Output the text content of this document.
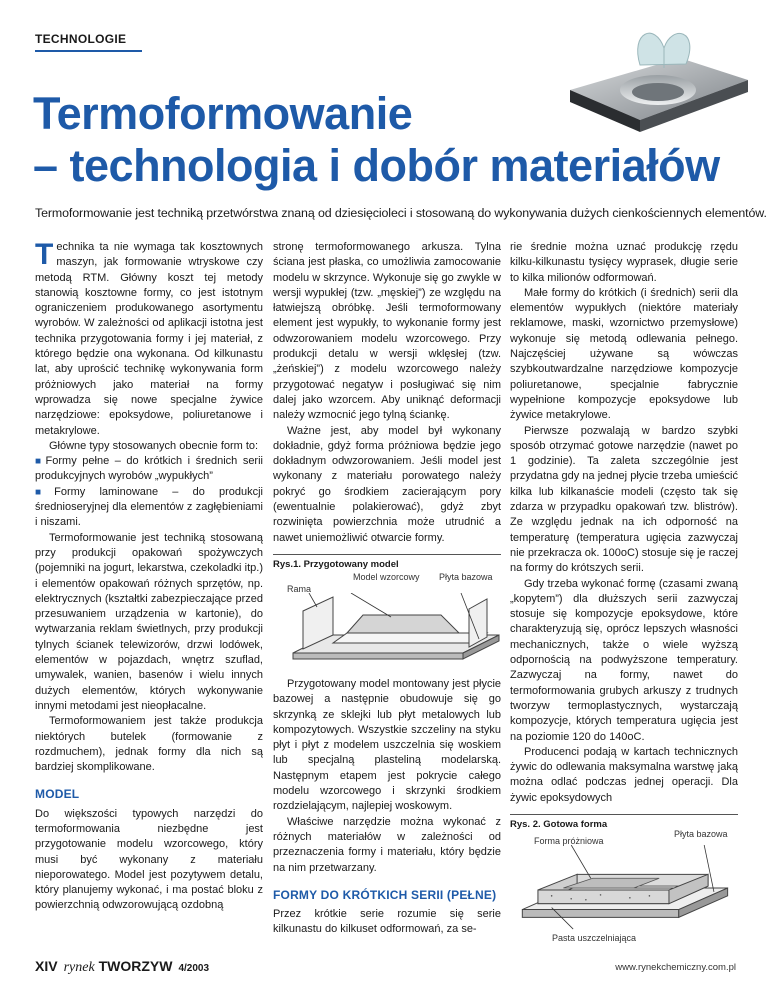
TECHNOLOGIE
Termoformowanie
– technologia i dobór materiałów

Termoformowanie jest techniką przetwórstwa znaną od dziesięcioleci i stosowaną do wykonywania dużych cienkościennych elementów.

Technika ta nie wymaga tak kosztownych maszyn, jak formowanie wtryskowe czy metodą RTM. Główny koszt tej metody stanowią kosztowne formy, co jest istotnym ograniczeniem produkowanego asortymentu wyrobów. W zależności od aplikacji istotna jest technika przygotowania formy i jej materiał, z którego będzie ona wykonana. Od kilkunastu lat, aby uprościć technikę wykonywania form próżniowych jako materiał na formy wprowadza się nowe specjalne żywice narzędziowe: epoksydowe, poliuretanowe i metakrylowe.

Główne typy stosowanych obecnie form to:

■ Formy pełne – do krótkich i średnich serii produkcyjnych wyrobów „wypukłych”

■ Formy laminowane – do produkcji średnioseryjnej dla elementów z zagłębieniami i niszami.

Termoformowanie jest techniką stosowaną przy produkcji opakowań spożywczych (pojemniki na jogurt, lekarstwa, czekoladki itp.) i elementów opakowań różnych sprzętów, np. elektrycznych (kształtki zabezpieczające przed przesuwaniem urządzenia w kartonie), do wytwarzania reklam świetlnych, przy produkcji tylnych ścianek telewizorów, drzwi lodówek, elementów w pojazdach, wnętrz szuflad, umywalek, wanien, basenów i wielu innych dużych elementów, których wykonywanie innymi metodami jest nieopłacalne.

Termoformowaniem jest także produkcja niektórych butelek (formowanie z rozdmuchem), jednak formy dla nich są bardziej skomplikowane.

MODEL

Do większości typowych narzędzi do termoformowania niezbędne jest przygotowanie modelu wzorcowego, który musi być wykonany z materiału nieporowatego. Model jest pozytywem detalu, który planujemy wykonać, i ma postać bloku z powierzchnią odwzorowującą ozdobną

stronę termoformowanego arkusza. Tylna ściana jest płaska, co umożliwia zamocowanie modelu w skrzynce. Wykonuje się go zwykle w wersji wypukłej (tzw. „męskiej”) ze względu na łatwiejszą obróbkę. Jeśli termoformowany element jest wypukły, to wykonanie formy jest odwzorowaniem modelu wzorcowego. Przy produkcji detalu w wersji wklęsłej (tzw. „żeńskiej”) z modelu wzorcowego należy przygotować negatyw i posługiwać się nim dalej jako wzorcem. Aby uniknąć deformacji należy wzmocnić jego tylną ściankę.

Ważne jest, aby model był wykonany dokładnie, gdyż forma próżniowa będzie jego dokładnym odwzorowaniem. Jeśli model jest wykonany z materiału porowatego należy pokryć go środkiem zacierającym pory (ewentualnie polakierować), gdyż zbyt rozwinięta powierzchnia może utrudnić a nawet uniemożliwić otwarcie formy.

Rys.1. Przygotowany model
Rama
Model wzorcowy Płyta bazowa

Przygotowany model montowany jest płycie bazowej a następnie obudowuje się go skrzynką ze sklejki lub płyt metalowych lub kompozytowych. Wszystkie szczeliny na styku płyt i płyt z modelem uszczelnia się woskiem lub specjalną plasteliną modelarską. Następnym etapem jest pokrycie całego modelu wzorcowego i skrzynki środkiem rozdzielającym, najlepiej woskowym.

Właściwe narzędzie można wykonać z różnych materiałów w zależności od przeznaczenia formy i materiału, który będzie na nim przetwarzany.

FORMY DO KRÓTKICH SERII (PEŁNE)

Przez krótkie serie rozumie się serie kilkunastu do kilkuset odformowań, za se-

rie średnie można uznać produkcję rzędu kilku-kilkunastu tysięcy wyprasek, długie serie to kilka milionów odformowań.

Małe formy do krótkich (i średnich) serii dla elementów wypukłych (niektóre materiały reklamowe, maski, wzornictwo przemysłowe) wykonuje się metodą odlewania pełnego. Najczęściej używane są wówczas szybkoutwardzalne narzędziowe kompozycje poliuretanowe, specjalnie fabrycznie wypełnione kompozycje epoksydowe lub żywice metakrylowe.

Pierwsze pozwalają w bardzo szybki sposób otrzymać gotowe narzędzie (nawet po 1 godzinie). Ta zaleta szczególnie jest przydatna gdy na jednej płycie trzeba umieścić kilka lub kilkanaście modeli (często tak się zdarza w przypadku opakowań tzw. blistrów). Ze względu jednak na ich odporność na temperaturę (temperatura ugięcia zazwyczaj nie przekracza ok. 100oC) stosuje się je raczej na formy do krótszych serii.

Gdy trzeba wykonać formę (czasami zwaną „kopytem”) dla dłuższych serii zazwyczaj stosuje się kompozycje epoksydowe, które charakteryzują się, oprócz lepszych własności mechanicznych, także o wiele wyższą odpornością na podwyższone temperatury. Zazwyczaj na formy, nawet do termoformowania grubych arkuszy z trudnych tworzyw termoplastycznych, wystarczają kompozycje, których temperatura ugięcia jest na poziomie 120 do 140oC.

Producenci podają w kartach technicznych żywic do odlewania maksymalna warstwę jaką można odlać podczas jednej operacji. Dla żywic epoksydowych

Rys. 2. Gotowa forma
Forma próżniowa
Płyta bazowa
Pasta uszczelniająca
XIV rynek TWORZYW 4/2003	www.rynekchemiczny.com.pl
